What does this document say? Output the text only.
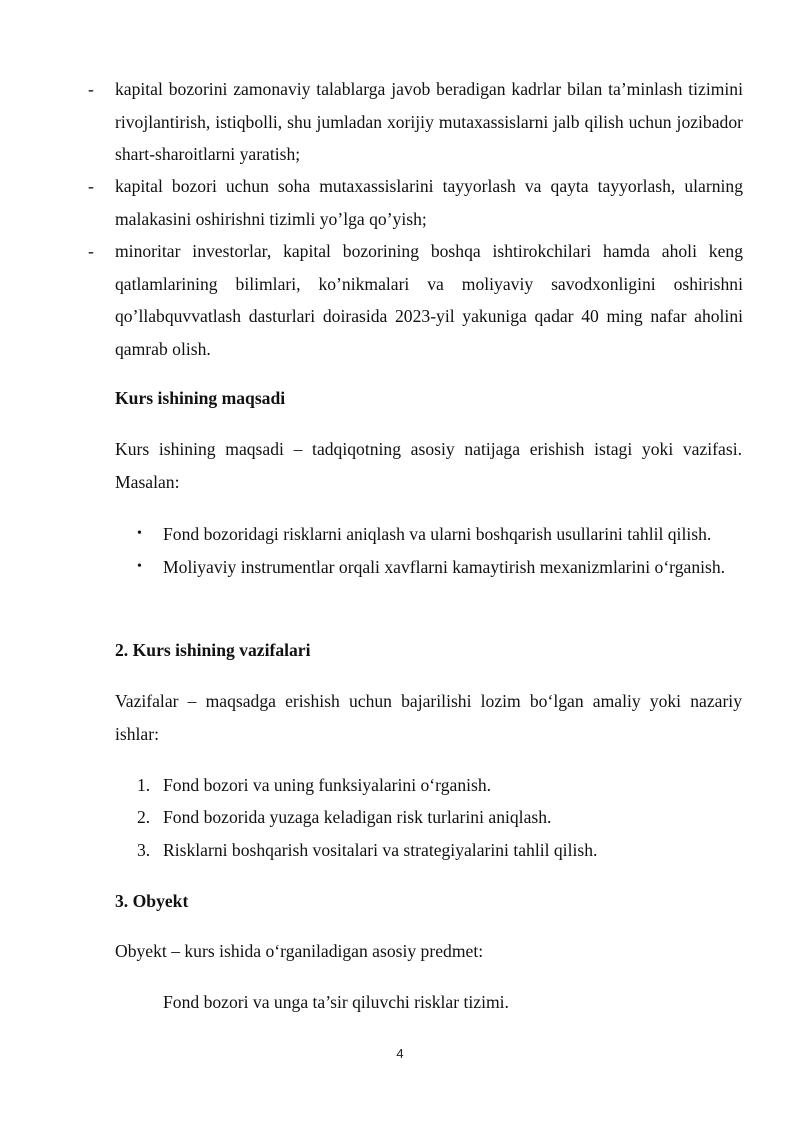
-	kapital bozorini zamonaviy talablarga javob beradigan kadrlar bilan ta’minlash tizimini rivojlantirish, istiqbolli, shu jumladan xorijiy mutaxassislarni jalb qilish uchun jozibador shart-sharoitlarni yaratish;
-	kapital bozori uchun soha mutaxassislarini tayyorlash va qayta tayyorlash, ularning malakasini oshirishni tizimli yo’lga qo’yish;
-	minoritar investorlar, kapital bozorining boshqa ishtirokchilari hamda aholi keng qatlamlarining bilimlari, ko’nikmalari va moliyaviy savodxonligini oshirishni qo’llabquvvatlash dasturlari doirasida 2023-yil yakuniga qadar 40 ming nafar aholini qamrab olish.
Kurs ishining maqsadi
Kurs ishining maqsadi – tadqiqotning asosiy natijaga erishish istagi yoki vazifasi. Masalan:
• Fond bozoridagi risklarni aniqlash va ularni boshqarish usullarini tahlil qilish.
• Moliyaviy instrumentlar orqali xavflarni kamaytirish mexanizmlarini o‘rganish.
2. Kurs ishining vazifalari
Vazifalar – maqsadga erishish uchun bajarilishi lozim bo‘lgan amaliy yoki nazariy ishlar:
1. Fond bozori va uning funksiyalarini o‘rganish.
2. Fond bozorida yuzaga keladigan risk turlarini aniqlash.
3. Risklarni boshqarish vositalari va strategiyalarini tahlil qilish.
3. Obyekt
Obyekt – kurs ishida o‘rganiladigan asosiy predmet:
Fond bozori va unga ta’sir qiluvchi risklar tizimi.
4
